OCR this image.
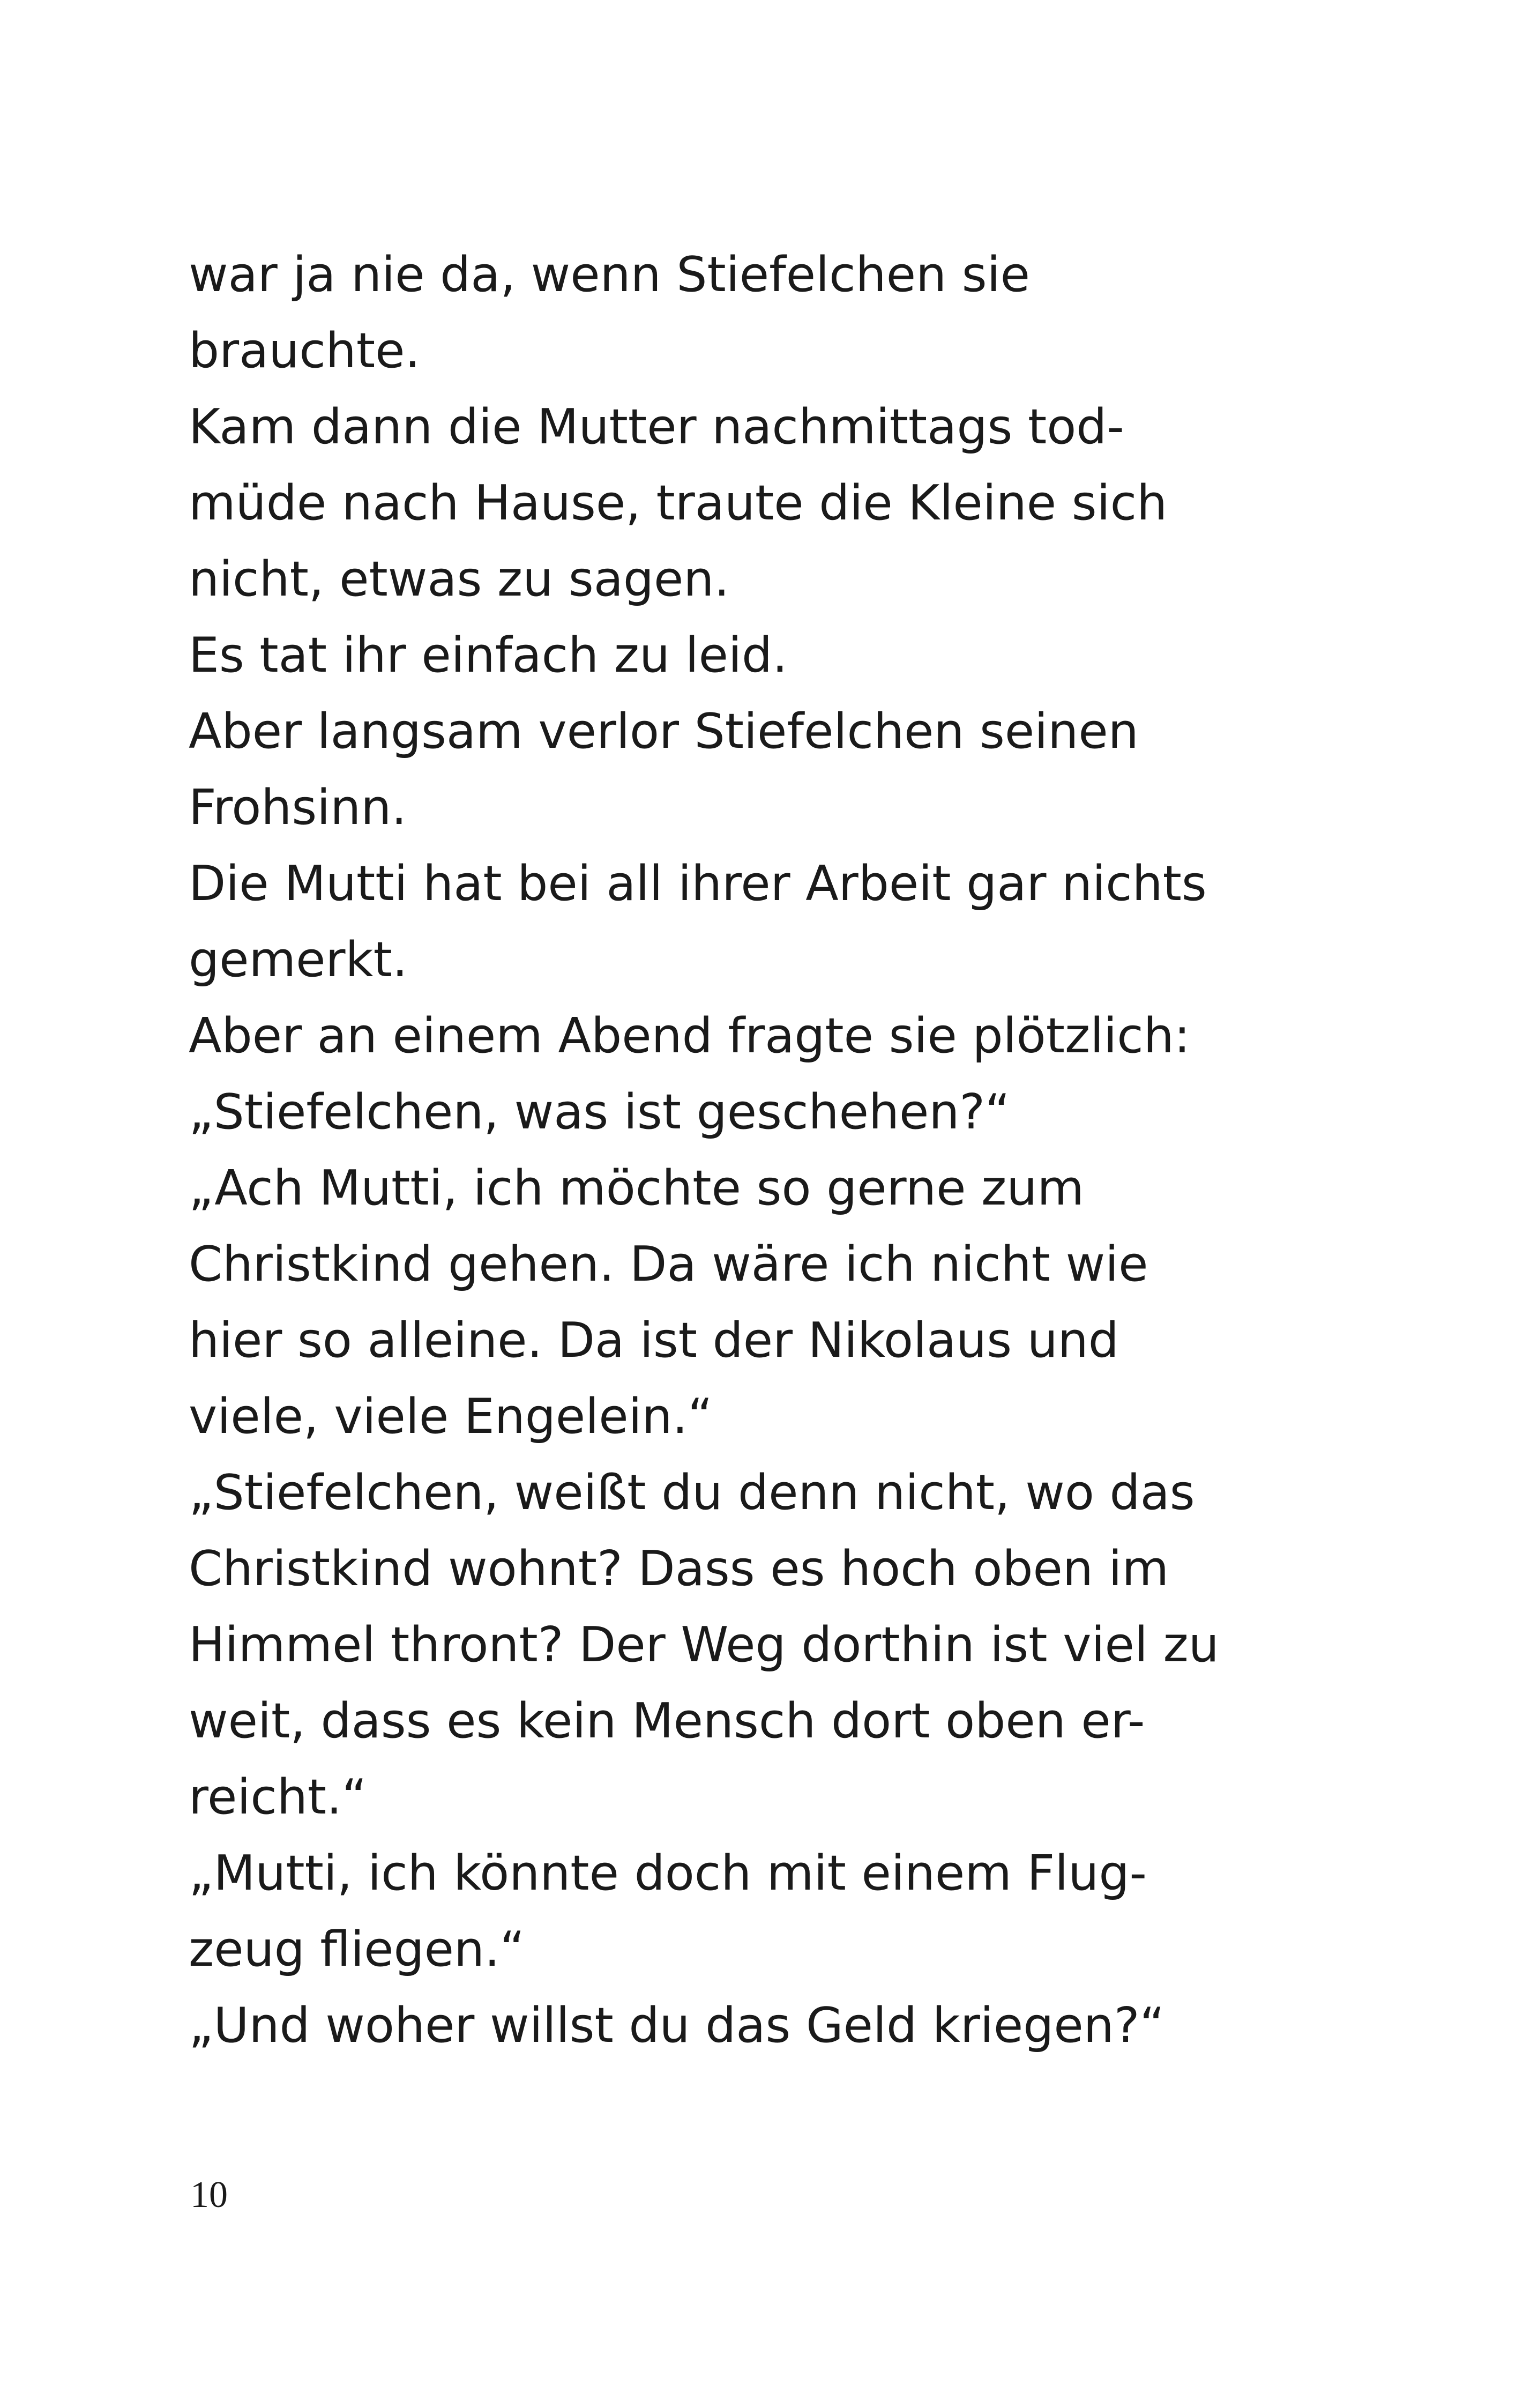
war ja nie da, wenn Stiefelchen sie
brauchte.
Kam dann die Mutter nachmittags tod-
müde nach Hause, traute die Kleine sich
nicht, etwas zu sagen.
Es tat ihr einfach zu leid.
Aber langsam verlor Stiefelchen seinen
Frohsinn.
Die Mutti hat bei all ihrer Arbeit gar nichts
gemerkt.
Aber an einem Abend fragte sie plötzlich:
„Stiefelchen, was ist geschehen?“
„Ach Mutti, ich möchte so gerne zum
Christkind gehen. Da wäre ich nicht wie
hier so alleine. Da ist der Nikolaus und
viele, viele Engelein.“
„Stiefelchen, weißt du denn nicht, wo das
Christkind wohnt? Dass es hoch oben im
Himmel thront? Der Weg dorthin ist viel zu
weit, dass es kein Mensch dort oben er-
reicht.“
„Mutti, ich könnte doch mit einem Flug-
zeug fliegen.“
„Und woher willst du das Geld kriegen?“
10
